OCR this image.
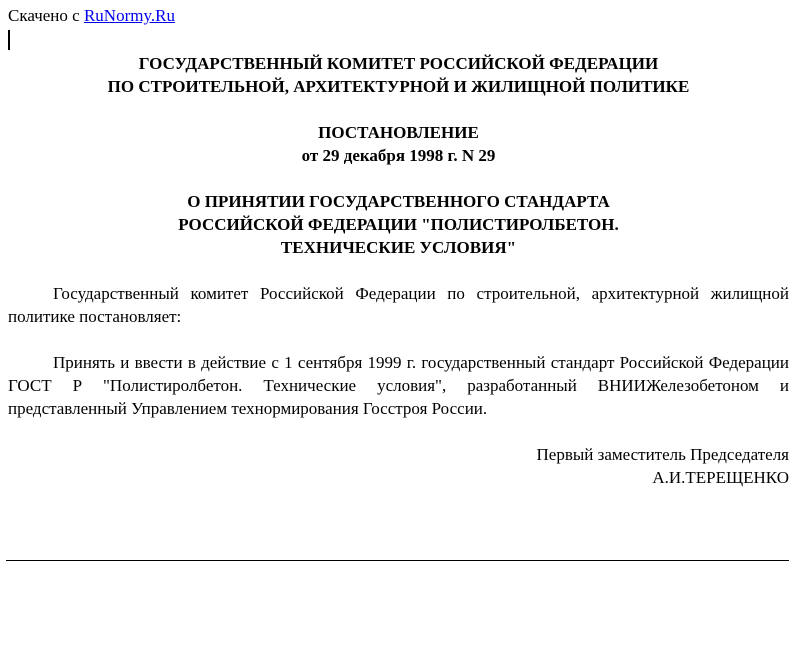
Скачено с RuNormy.Ru
ГОСУДАРСТВЕННЫЙ КОМИТЕТ РОССИЙСКОЙ ФЕДЕРАЦИИ
ПО СТРОИТЕЛЬНОЙ, АРХИТЕКТУРНОЙ И ЖИЛИЩНОЙ ПОЛИТИКЕ
ПОСТАНОВЛЕНИЕ
от 29 декабря 1998 г. N 29
О ПРИНЯТИИ ГОСУДАРСТВЕННОГО СТАНДАРТА
РОССИЙСКОЙ ФЕДЕРАЦИИ "ПОЛИСТИРОЛБЕТОН.
ТЕХНИЧЕСКИЕ УСЛОВИЯ"

Государственный комитет Российской Федерации по строительной, архитектурной жилищной политике постановляет:

Принять и ввести в действие с 1 сентября 1999 г. государственный стандарт Российской Федерации ГОСТ Р "Полистиролбетон. Технические условия", разработанный ВНИИЖелезобетоном и представленный Управлением технормирования Госстроя России.

Первый заместитель Председателя
А.И.ТЕРЕЩЕНКО
